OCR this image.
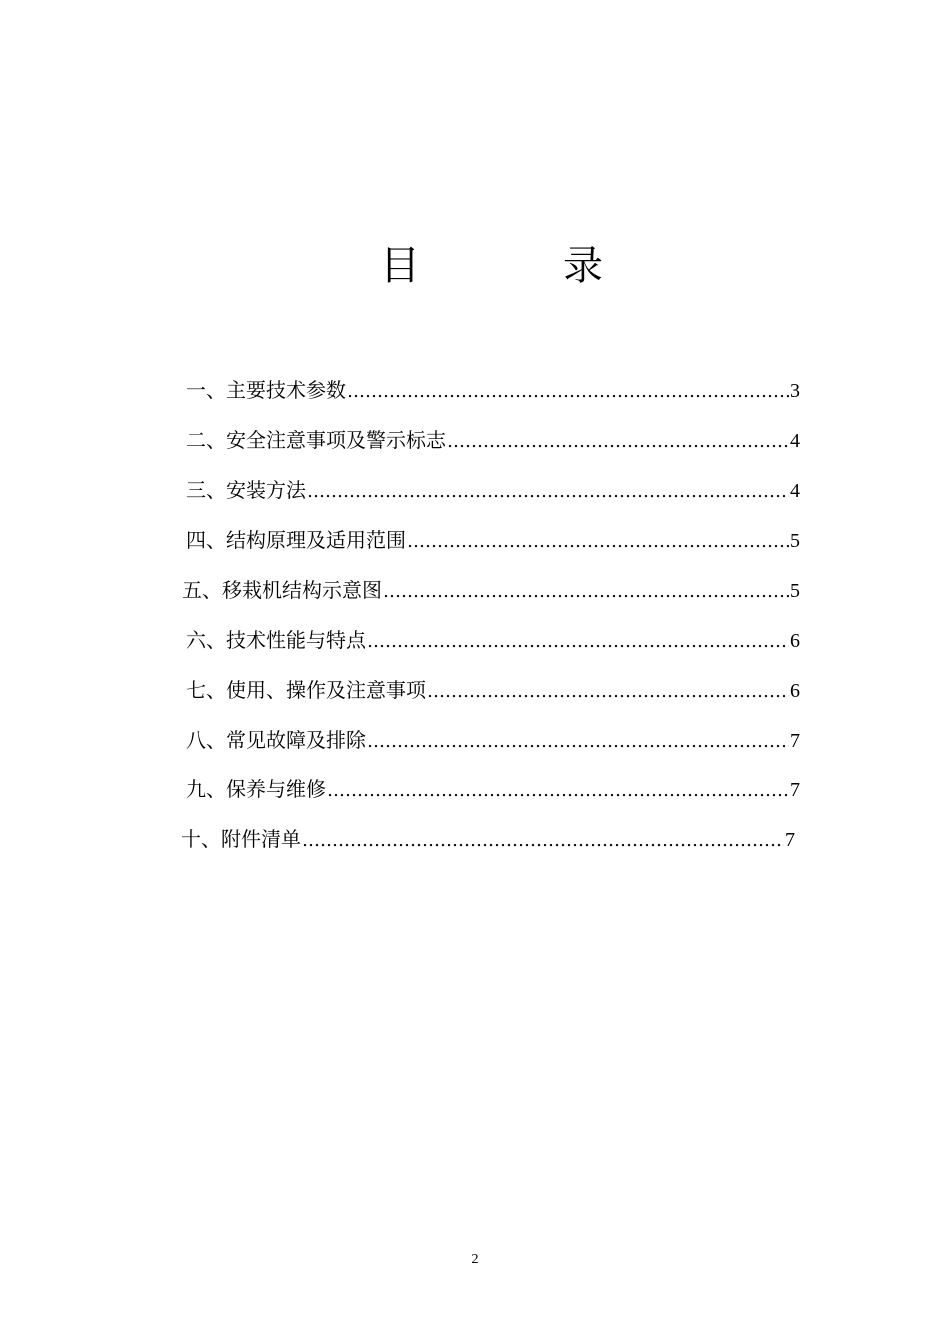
目	录
一、主要技术参数 ……………………………………………………………………………………………………………………………………………………………………………………………………………………	3
二、安全注意事项及警示标志 ……………………………………………………………………………………………………………………………………………………………………………………………………………………	4
三、安装方法 ……………………………………………………………………………………………………………………………………………………………………………………………………………………	4
四、结构原理及适用范围 ……………………………………………………………………………………………………………………………………………………………………………………………………………………	5
五、移栽机结构示意图 ……………………………………………………………………………………………………………………………………………………………………………………………………………………	5
六、技术性能与特点 ……………………………………………………………………………………………………………………………………………………………………………………………………………………	6
七、使用、操作及注意事项 ……………………………………………………………………………………………………………………………………………………………………………………………………………………	6
八、常见故障及排除 ……………………………………………………………………………………………………………………………………………………………………………………………………………………	7
九、保养与维修 ……………………………………………………………………………………………………………………………………………………………………………………………………………………	7
十、附件清单 ……………………………………………………………………………………………………………………………………………………………………………………………………………………	7
2
